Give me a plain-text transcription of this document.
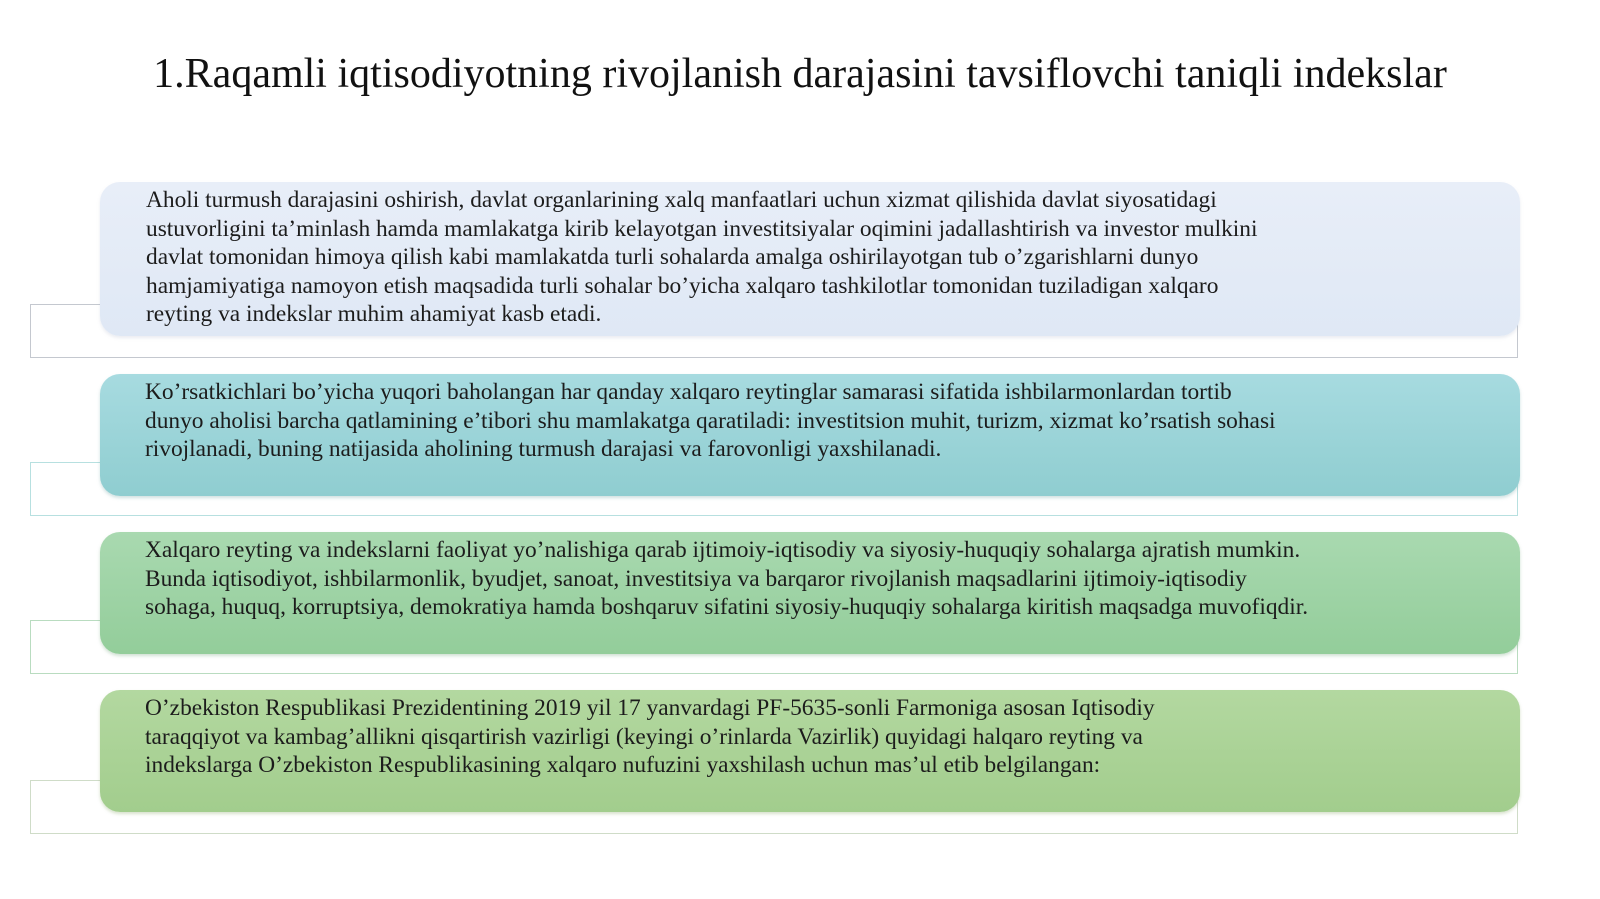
1.Raqamli iqtisodiyotning rivojlanish darajasini tavsiflovchi taniqli indekslar

Aholi turmush darajasini oshirish, davlat organlarining xalq manfaatlari uchun xizmat qilishida davlat siyosatidagi
ustuvorligini ta’minlash hamda mamlakatga kirib kelayotgan investitsiyalar oqimini jadallashtirish va investor mulkini
davlat tomonidan himoya qilish kabi mamlakatda turli sohalarda amalga oshirilayotgan tub o’zgarishlarni dunyo
hamjamiyatiga namoyon etish maqsadida turli sohalar bo’yicha xalqaro tashkilotlar tomonidan tuziladigan xalqaro
reyting va indekslar muhim ahamiyat kasb etadi.

Ko’rsatkichlari bo’yicha yuqori baholangan har qanday xalqaro reytinglar samarasi sifatida ishbilarmonlardan tortib
dunyo aholisi barcha qatlamining e’tibori shu mamlakatga qaratiladi: investitsion muhit, turizm, xizmat ko’rsatish sohasi
rivojlanadi, buning natijasida aholining turmush darajasi va farovonligi yaxshilanadi.

Xalqaro reyting va indekslarni faoliyat yo’nalishiga qarab ijtimoiy-iqtisodiy va siyosiy-huquqiy sohalarga ajratish mumkin.
Bunda iqtisodiyot, ishbilarmonlik, byudjet, sanoat, investitsiya va barqaror rivojlanish maqsadlarini ijtimoiy-iqtisodiy
sohaga, huquq, korruptsiya, demokratiya hamda boshqaruv sifatini siyosiy-huquqiy sohalarga kiritish maqsadga muvofiqdir.

O’zbekiston Respublikasi Prezidentining 2019 yil 17 yanvardagi PF-5635-sonli Farmoniga asosan Iqtisodiy
taraqqiyot va kambag’allikni qisqartirish vazirligi (keyingi o’rinlarda Vazirlik) quyidagi halqaro reyting va
indekslarga O’zbekiston Respublikasining xalqaro nufuzini yaxshilash uchun mas’ul etib belgilangan:
